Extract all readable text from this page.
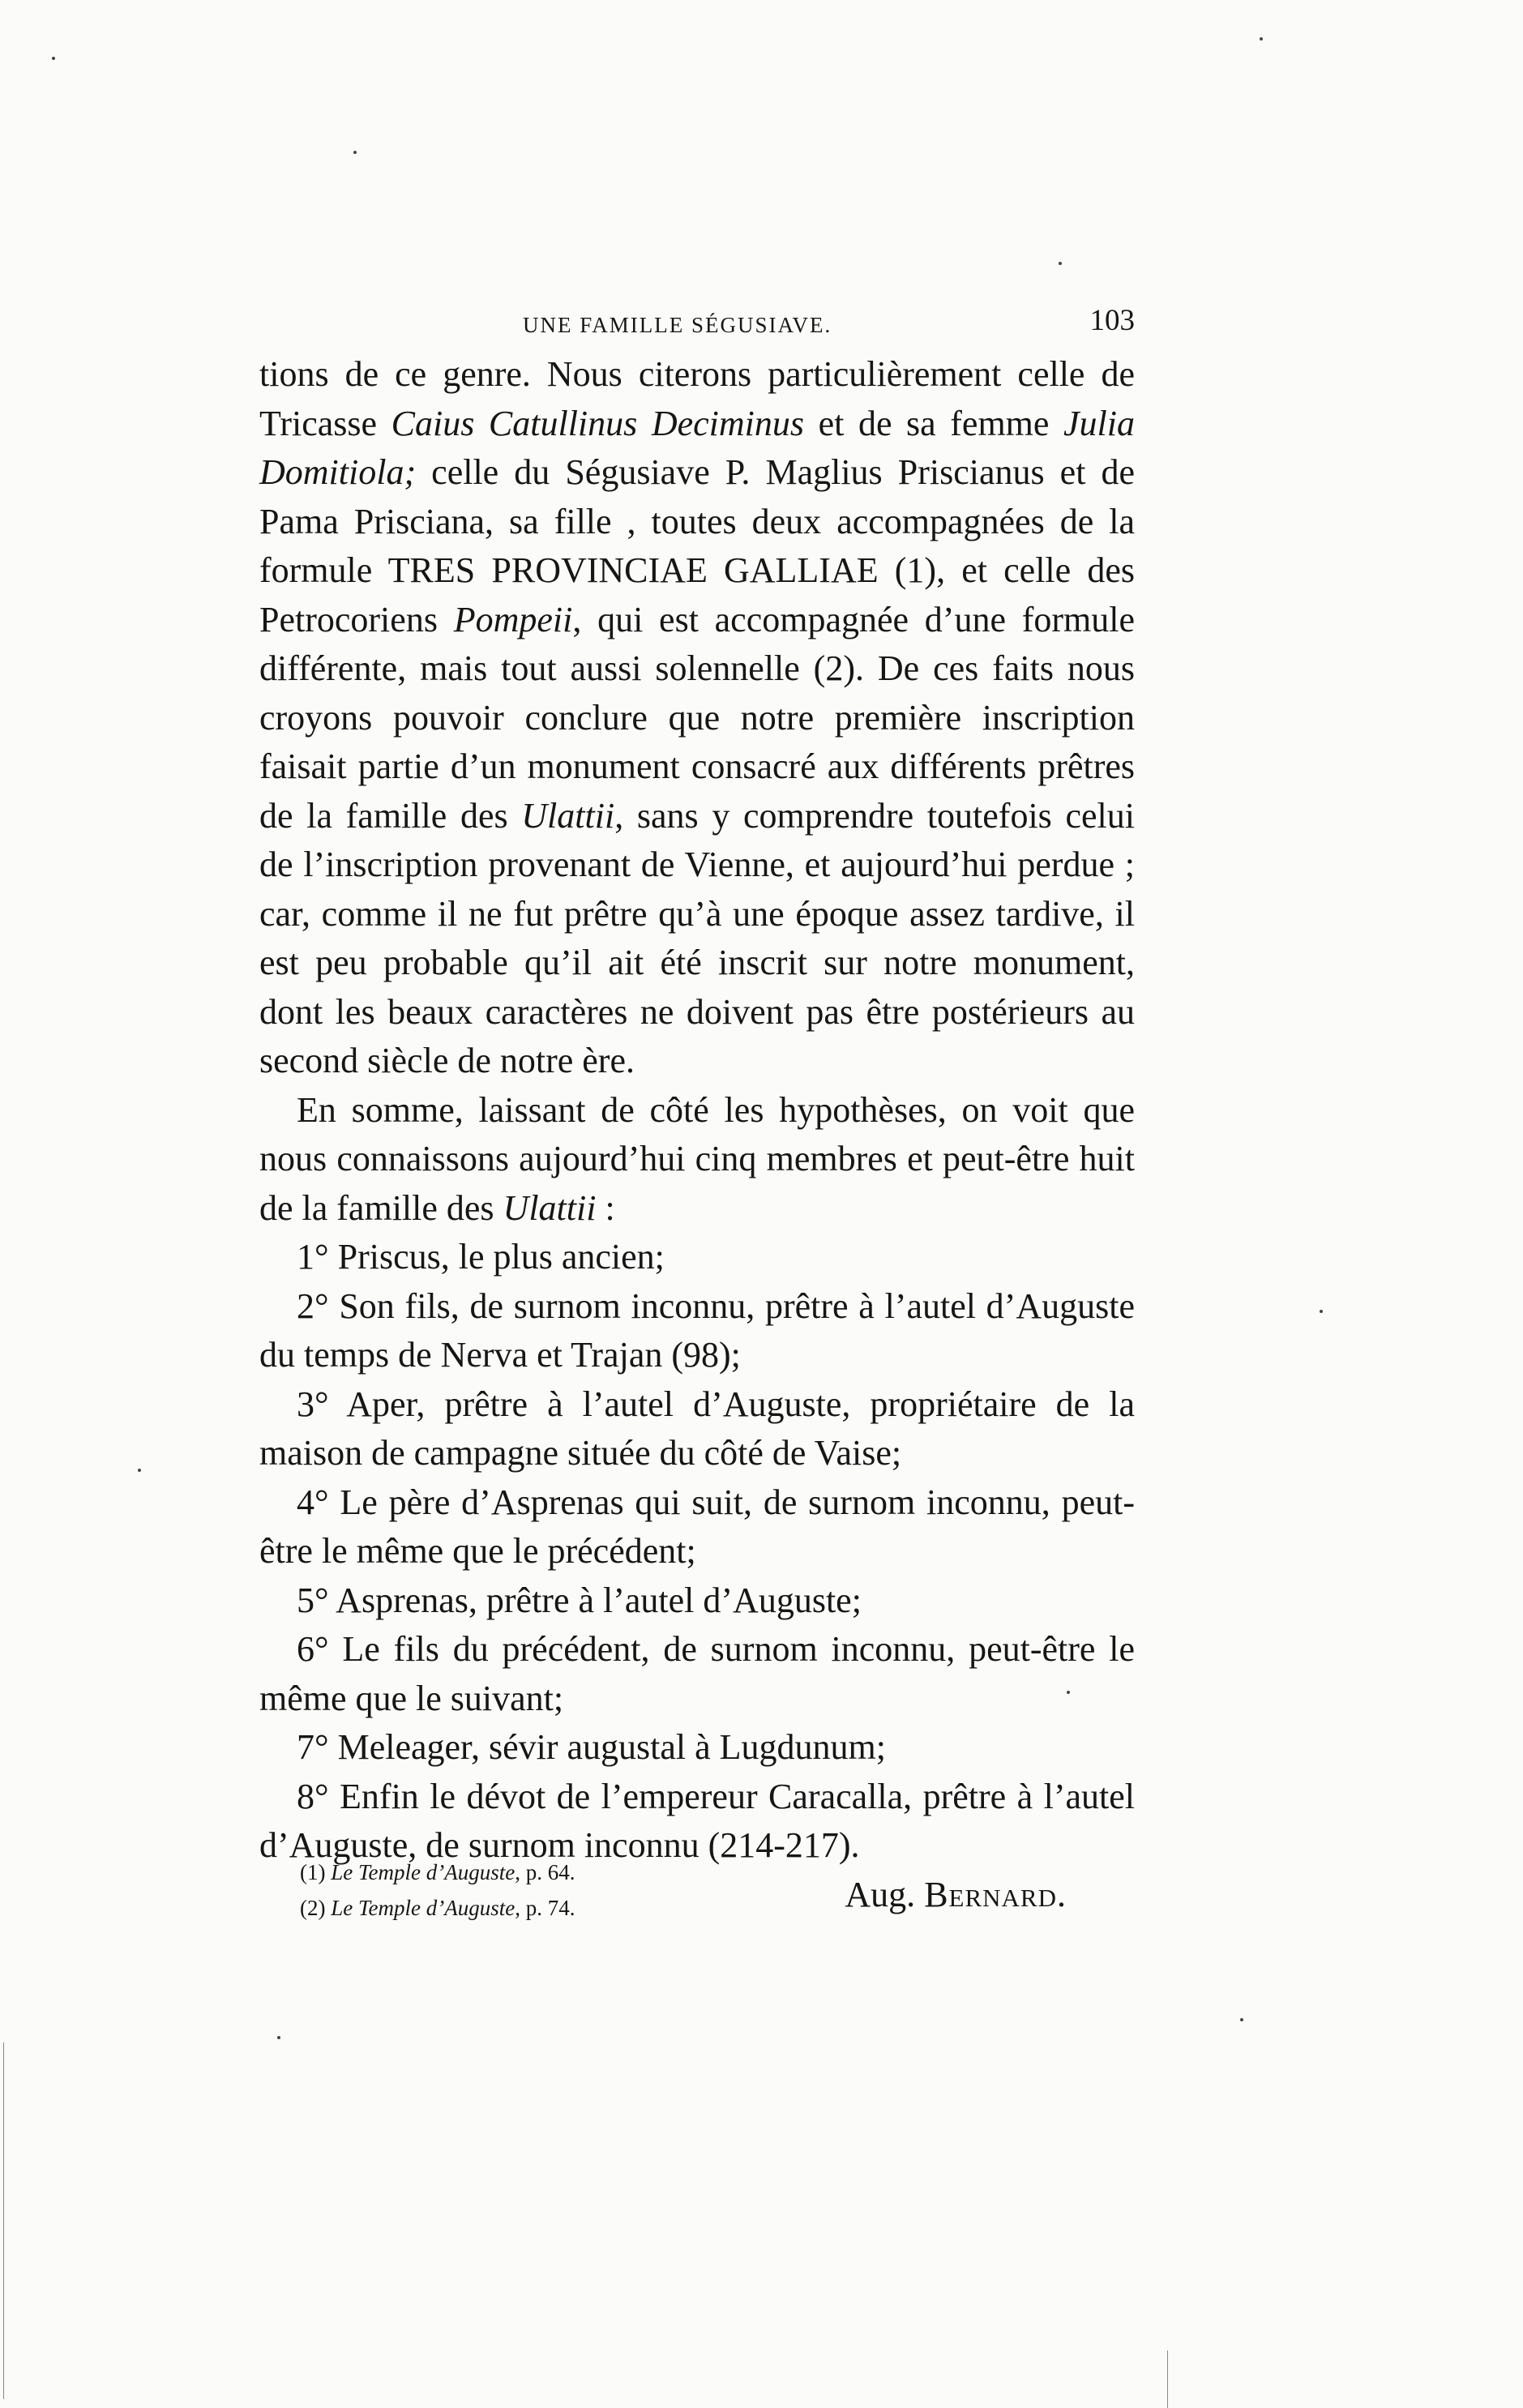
UNE FAMILLE SÉGUSIAVE.	103

tions de ce genre. Nous citerons particulièrement celle de Tricasse Caius Catullinus Deciminus et de sa femme Julia Domitiola; celle du Ségusiave P. Maglius Priscianus et de Pama Prisciana, sa fille , toutes deux accompagnées de la formule TRES PROVINCIAE GALLIAE (1), et celle des Petrocoriens Pompeii, qui est accompagnée d’une formule différente, mais tout aussi solennelle (2). De ces faits nous croyons pouvoir conclure que notre première inscription faisait partie d’un monument consacré aux différents prêtres de la famille des Ulattii, sans y comprendre toutefois celui de l’inscription provenant de Vienne, et aujourd’hui perdue ; car, comme il ne fut prêtre qu’à une époque assez tardive, il est peu probable qu’il ait été inscrit sur notre monument, dont les beaux caractères ne doivent pas être postérieurs au second siècle de notre ère.

En somme, laissant de côté les hypothèses, on voit que nous connaissons aujourd’hui cinq membres et peut-être huit de la famille des Ulattii :

1° Priscus, le plus ancien;

2° Son fils, de surnom inconnu, prêtre à l’autel d’Auguste du temps de Nerva et Trajan (98);

3° Aper, prêtre à l’autel d’Auguste, propriétaire de la maison de campagne située du côté de Vaise;

4° Le père d’Asprenas qui suit, de surnom inconnu, peut-être le même que le précédent;

5° Asprenas, prêtre à l’autel d’Auguste;

6° Le fils du précédent, de surnom inconnu, peut-être le même que le suivant;

7° Meleager, sévir augustal à Lugdunum;

8° Enfin le dévot de l’empereur Caracalla, prêtre à l’autel d’Auguste, de surnom inconnu (214-217).

Aug. Bernard.

(1) Le Temple d’Auguste, p. 64.
(2) Le Temple d’Auguste, p. 74.
